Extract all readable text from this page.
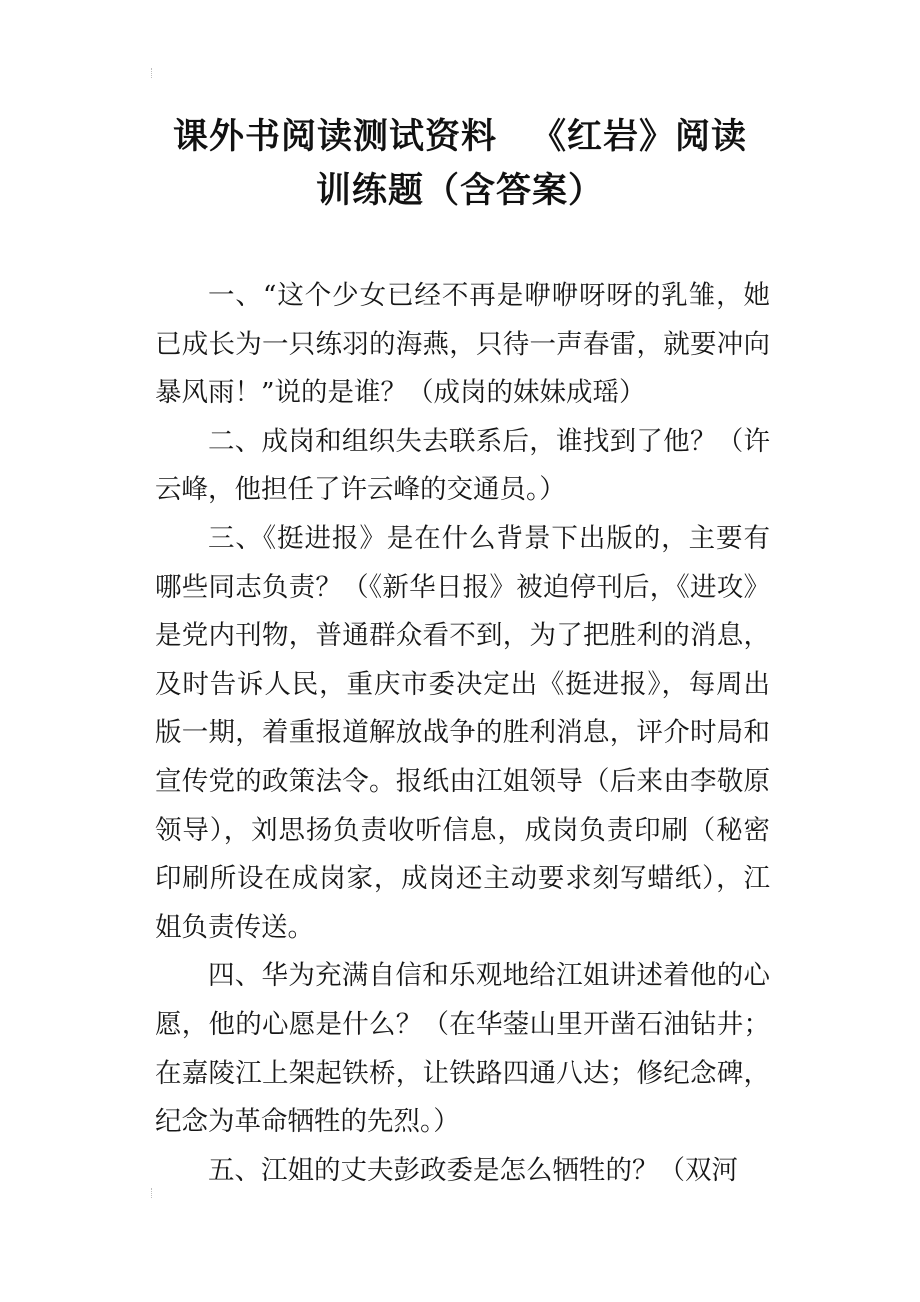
课外书阅读测试资料 《红岩》阅读
训练题（含答案）

一、“这个少女已经不再是咿咿呀呀的乳雏，她已成长为一只练羽的海燕，只待一声春雷，就要冲向暴风雨！”说的是谁？（成岗的妹妹成瑶）

二、成岗和组织失去联系后，谁找到了他？（许云峰，他担任了许云峰的交通员。）

三、《挺进报》是在什么背景下出版的，主要有哪些同志负责？（《新华日报》被迫停刊后，《进攻》是党内刊物，普通群众看不到，为了把胜利的消息，及时告诉人民，重庆市委决定出《挺进报》，每周出版一期，着重报道解放战争的胜利消息，评介时局和宣传党的政策法令。报纸由江姐领导（后来由李敬原领导），刘思扬负责收听信息，成岗负责印刷（秘密印刷所设在成岗家，成岗还主动要求刻写蜡纸），江姐负责传送。

四、华为充满自信和乐观地给江姐讲述着他的心愿，他的心愿是什么？（在华蓥山里开凿石油钻井；在嘉陵江上架起铁桥，让铁路四通八达；修纪念碑，纪念为革命牺牲的先烈。）

五、江姐的丈夫彭政委是怎么牺牲的？（双河
